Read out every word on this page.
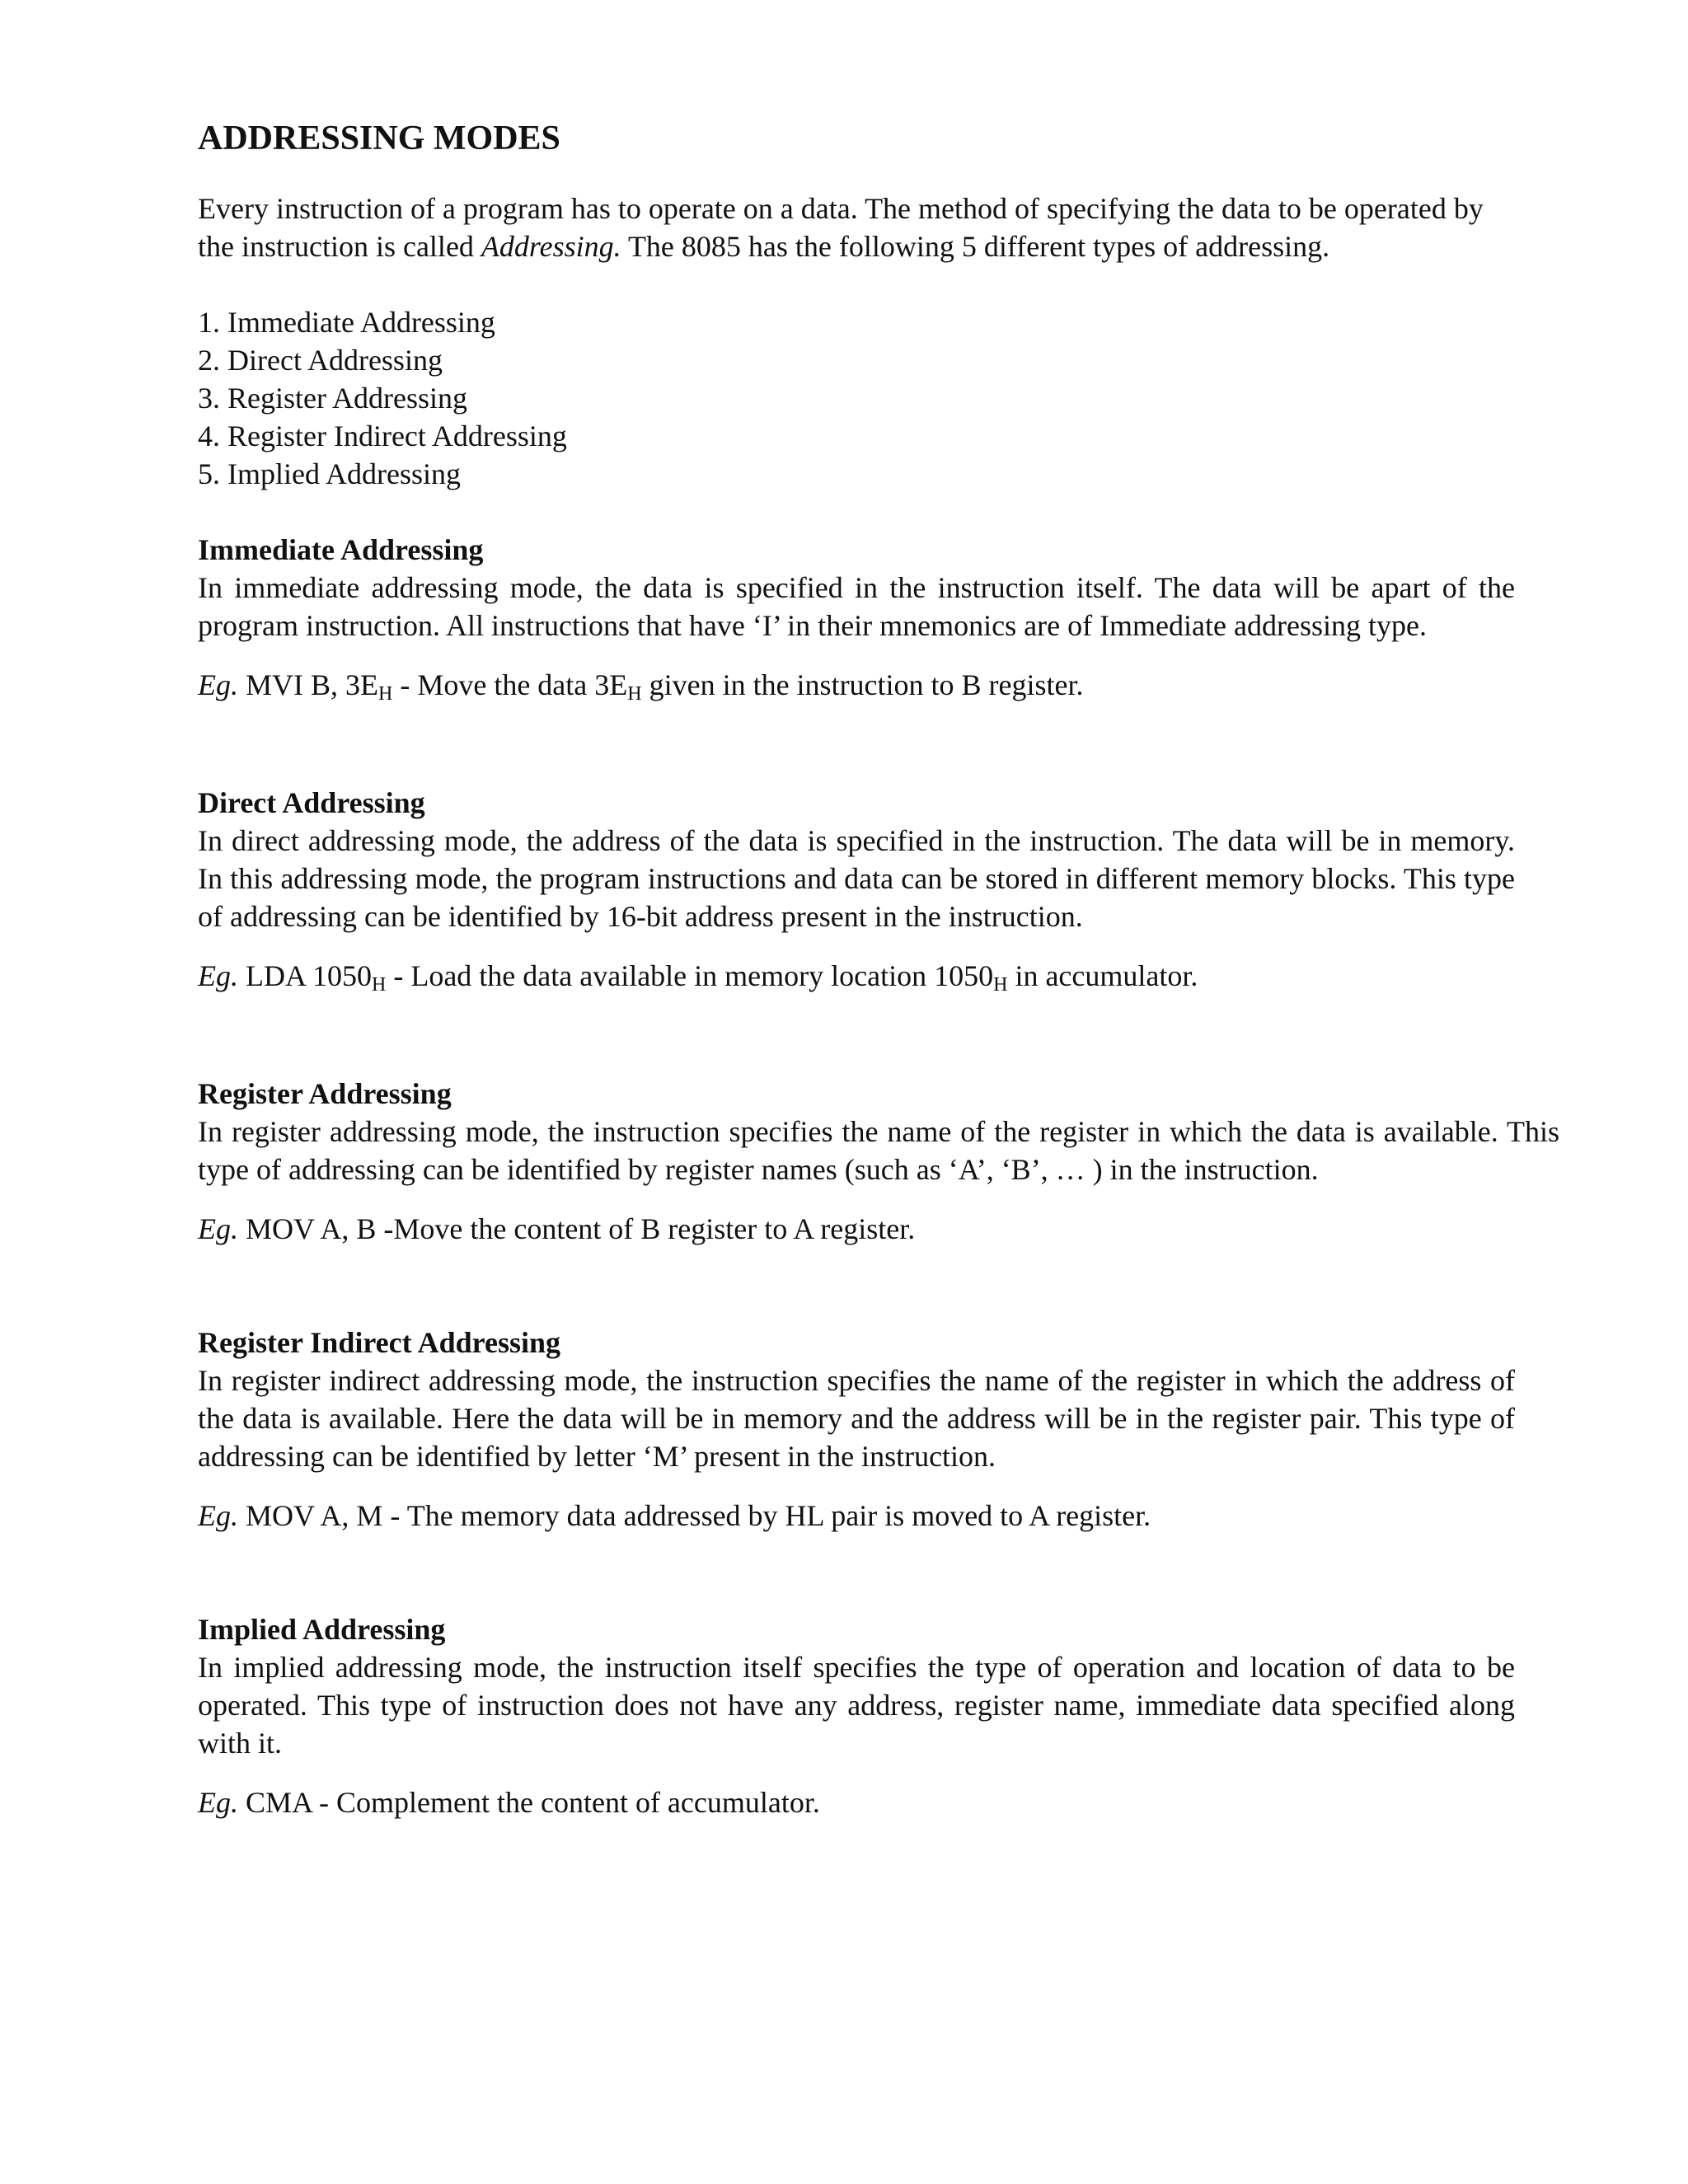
ADDRESSING MODES

Every instruction of a program has to operate on a data. The method of specifying the data to be operated by the instruction is called Addressing. The 8085 has the following 5 different types of addressing.

1. Immediate Addressing
2. Direct Addressing
3. Register Addressing
4. Register Indirect Addressing
5. Implied Addressing

Immediate Addressing

In immediate addressing mode, the data is specified in the instruction itself. The data will be apart of the program instruction. All instructions that have ‘I’ in their mnemonics are of Immediate addressing type.

Eg. MVI B, $3E_H$ - Move the data $3E_H$ given in the instruction to B register.

Direct Addressing

In direct addressing mode, the address of the data is specified in the instruction. The data will be in memory. In this addressing mode, the program instructions and data can be stored in different memory blocks. This type of addressing can be identified by 16-bit address present in the instruction.

Eg. LDA $1050_H$ - Load the data available in memory location $1050_H$ in accumulator.

Register Addressing

In register addressing mode, the instruction specifies the name of the register in which the data is available. This type of addressing can be identified by register names (such as ‘A’, ‘B’, … ) in the instruction.

Eg. MOV A, B -Move the content of B register to A register.

Register Indirect Addressing

In register indirect addressing mode, the instruction specifies the name of the register in which the address of the data is available. Here the data will be in memory and the address will be in the register pair. This type of addressing can be identified by letter ‘M’ present in the instruction.

Eg. MOV A, M - The memory data addressed by HL pair is moved to A register.

Implied Addressing

In implied addressing mode, the instruction itself specifies the type of operation and location of data to be operated. This type of instruction does not have any address, register name, immediate data specified along with it.

Eg. CMA - Complement the content of accumulator.
